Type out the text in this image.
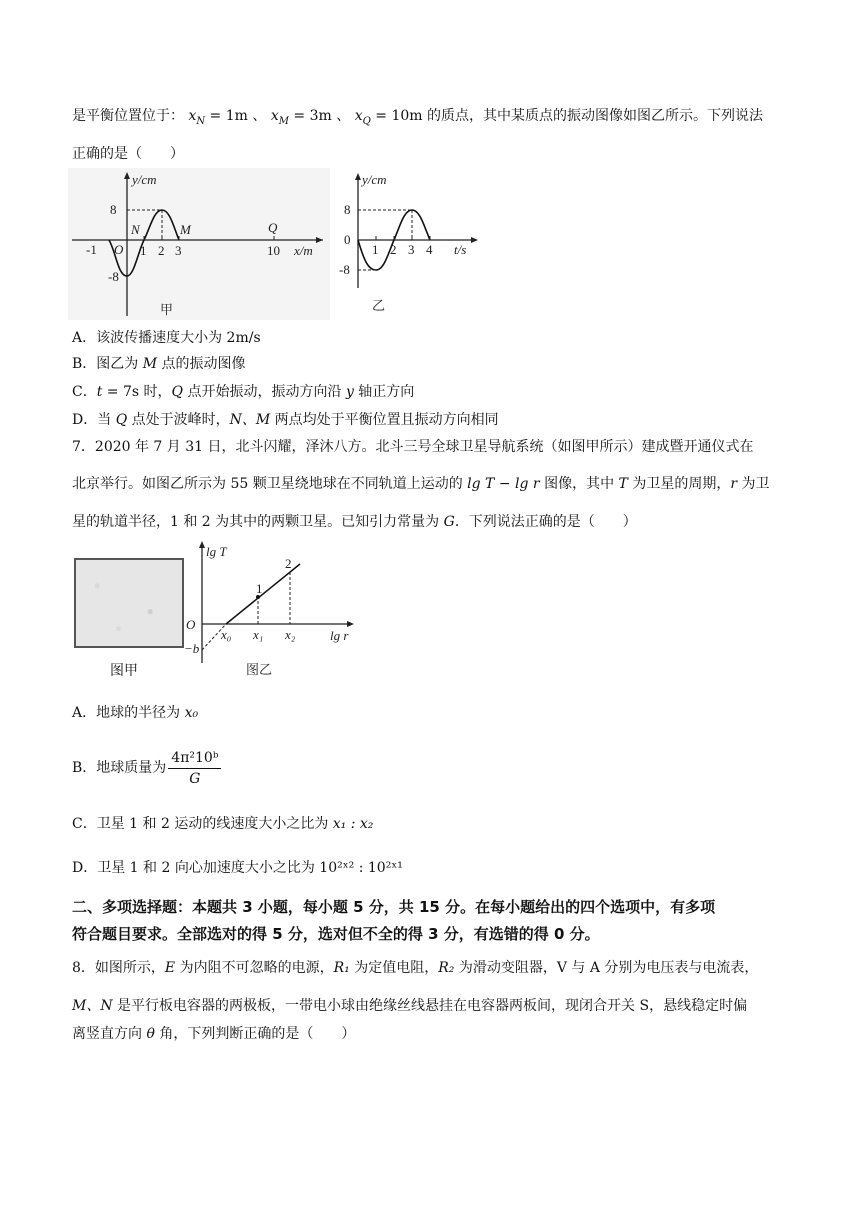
是平衡位置位于： $x_N = 1m$ 、 $x_M = 3m$ 、 $x_Q = 10m$ 的质点，其中某质点的振动图像如图乙所示。下列说法
正确的是（　　）
y/cm
8
-8
-1 O 1 2 3	10
N	M	Q
x/m
甲
y/cm
8
0
-8
1 2 3 4 t/s
乙
A．该波传播速度大小为 2m/s
B．图乙为 M 点的振动图像
C．t = 7s 时，Q 点开始振动，振动方向沿 y 轴正方向
D．当 Q 点处于波峰时，N、M 两点均处于平衡位置且振动方向相同
7．2020 年 7 月 31 日，北斗闪耀，泽沐八方。北斗三号全球卫星导航系统（如图甲所示）建成暨开通仪式在
北京举行。如图乙所示为 55 颗卫星绕地球在不同轨道上运动的 lg T − lg r 图像，其中 T 为卫星的周期，r 为卫
星的轨道半径，1 和 2 为其中的两颗卫星。已知引力常量为 G．下列说法正确的是（　　）
图甲
lg T
O
−b
x₀ x₁ x₂
1
2
lg r
图乙
A．地球的半径为 x₀
B．地球质量为 $\frac{\text{4π²10ᵇ}}{G}$
C．卫星 1 和 2 运动的线速度大小之比为 x₁ : x₂
D．卫星 1 和 2 向心加速度大小之比为 10²ˣ² : 10²ˣ¹
二、多项选择题：本题共 3 小题，每小题 5 分，共 15 分。在每小题给出的四个选项中，有多项
符合题目要求。全部选对的得 5 分，选对但不全的得 3 分，有选错的得 0 分。
8．如图所示，E 为内阻不可忽略的电源，R₁ 为定值电阻，R₂ 为滑动变阻器，V 与 A 分别为电压表与电流表，
M、N 是平行板电容器的两极板，一带电小球由绝缘丝线悬挂在电容器两板间，现闭合开关 S，悬线稳定时偏
离竖直方向 θ 角，下列判断正确的是（　　）
